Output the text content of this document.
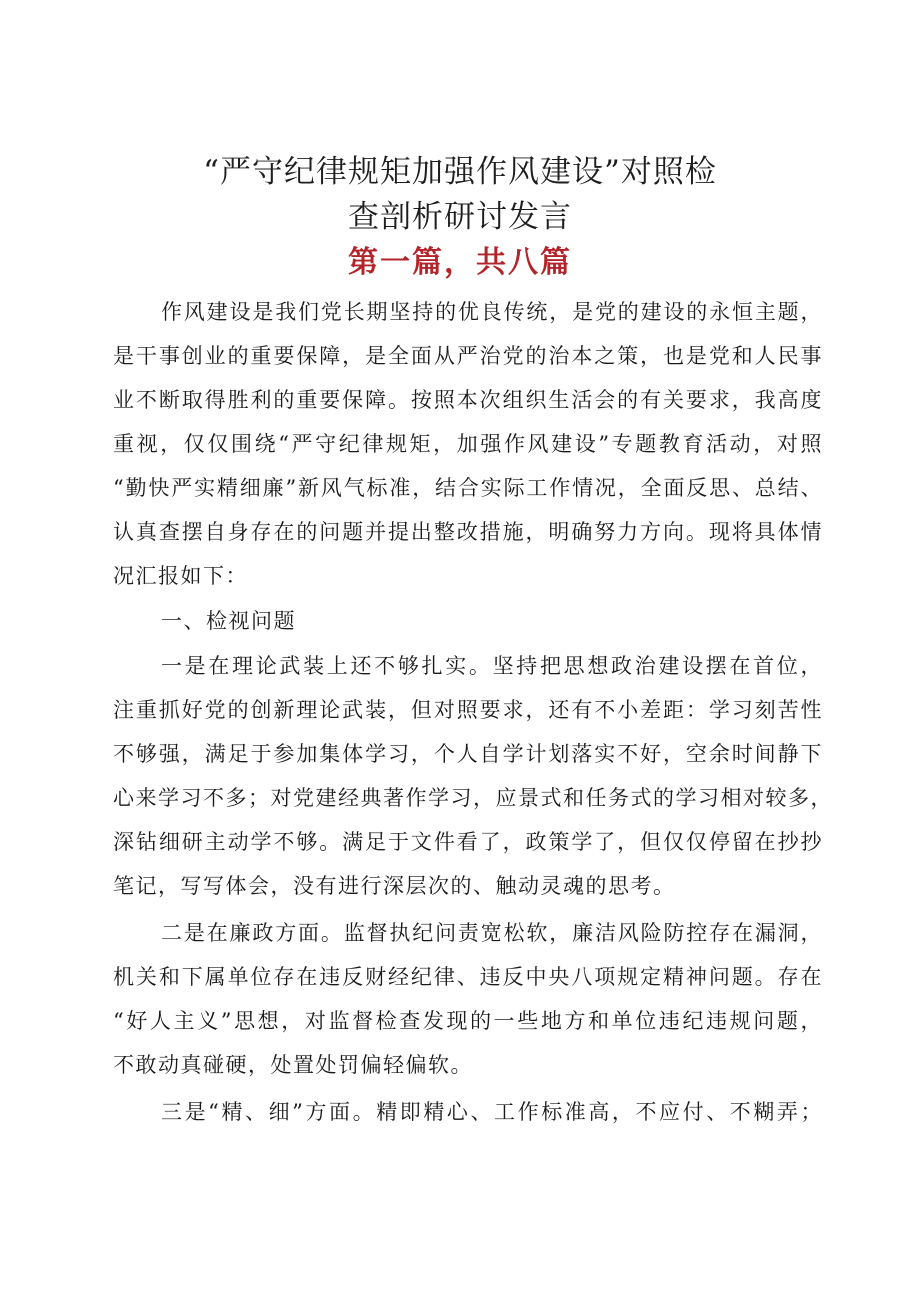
“严守纪律规矩加强作风建设”对照检
查剖析研讨发言
第一篇，共八篇
作风建设是我们党长期坚持的优良传统，是党的建设的永恒主题，
是干事创业的重要保障，是全面从严治党的治本之策，也是党和人民事
业不断取得胜利的重要保障。按照本次组织生活会的有关要求，我高度
重视，仅仅围绕“严守纪律规矩，加强作风建设”专题教育活动，对照
“勤快严实精细廉”新风气标准，结合实际工作情况，全面反思、总结、
认真查摆自身存在的问题并提出整改措施，明确努力方向。现将具体情
况汇报如下：
一、检视问题
一是在理论武装上还不够扎实。坚持把思想政治建设摆在首位，
注重抓好党的创新理论武装，但对照要求，还有不小差距：学习刻苦性
不够强，满足于参加集体学习，个人自学计划落实不好，空余时间静下
心来学习不多；对党建经典著作学习，应景式和任务式的学习相对较多，
深钻细研主动学不够。满足于文件看了，政策学了，但仅仅停留在抄抄
笔记，写写体会，没有进行深层次的、触动灵魂的思考。
二是在廉政方面。监督执纪问责宽松软，廉洁风险防控存在漏洞，
机关和下属单位存在违反财经纪律、违反中央八项规定精神问题。存在
“好人主义”思想，对监督检查发现的一些地方和单位违纪违规问题，
不敢动真碰硬，处置处罚偏轻偏软。
三是“精、细”方面。精即精心、工作标准高，不应付、不糊弄；
